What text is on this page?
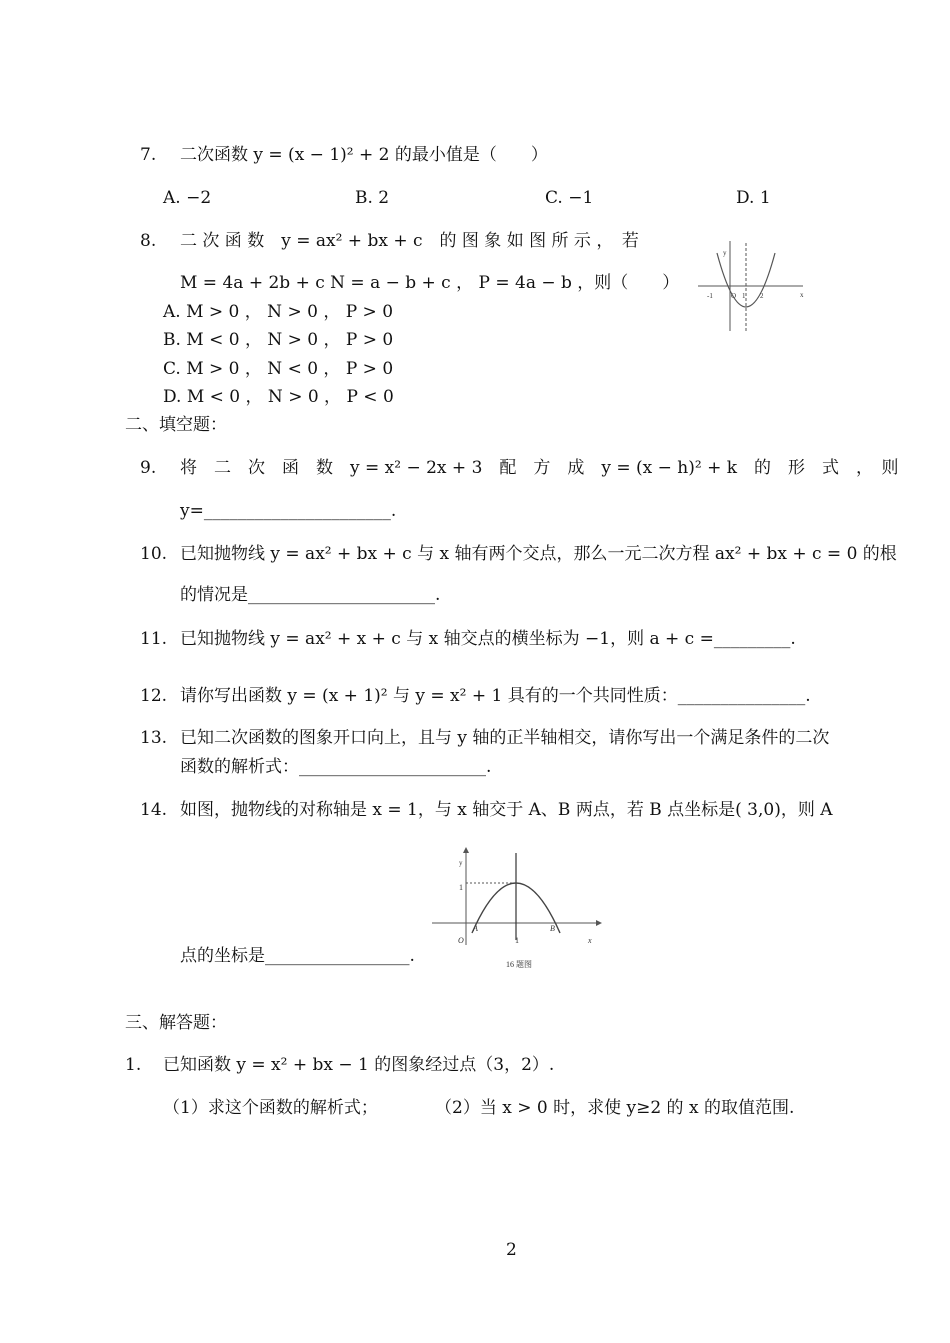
7. 二次函数 y = (x − 1)² + 2 的最小值是（　　）
A. −2	B. 2	C. −1	D. 1
8. 二 次 函 数　y = ax² + bx + c　的 图 象 如 图 所 示 ，　若
M = 4a + 2b + c N = a − b + c ， P = 4a − b ，则（　　）
A. M > 0 ， N > 0 ， P > 0
B. M < 0 ， N > 0 ， P > 0
C. M > 0 ， N < 0 ， P > 0
D. M < 0 ， N > 0 ， P < 0
y
x
-1	O 1 2
二、填空题：
9. 将　二　次　函　数　y = x² − 2x + 3　配　方　成　y = (x − h)² + k　的　形　式　，　则
y=______________________.
10. 已知抛物线 y = ax² + bx + c 与 x 轴有两个交点，那么一元二次方程 ax² + bx + c = 0 的根
的情况是______________________.
11. 已知抛物线 y = ax² + x + c 与 x 轴交点的横坐标为 −1，则 a + c =_________.
12. 请你写出函数 y = (x + 1)² 与 y = x² + 1 具有的一个共同性质：_______________.
13. 已知二次函数的图象开口向上，且与 y 轴的正半轴相交，请你写出一个满足条件的二次
函数的解析式：______________________.
14. 如图，抛物线的对称轴是 x = 1，与 x 轴交于 A、B 两点，若 B 点坐标是( 3,0)，则 A
点的坐标是_________________.
y
x
1
O
A
1
B
16 题图
三、解答题：
1. 已知函数 y = x² + bx − 1 的图象经过点（3，2）.
（1）求这个函数的解析式；	（2）当 x > 0 时，求使 y≥2 的 x 的取值范围.
2
